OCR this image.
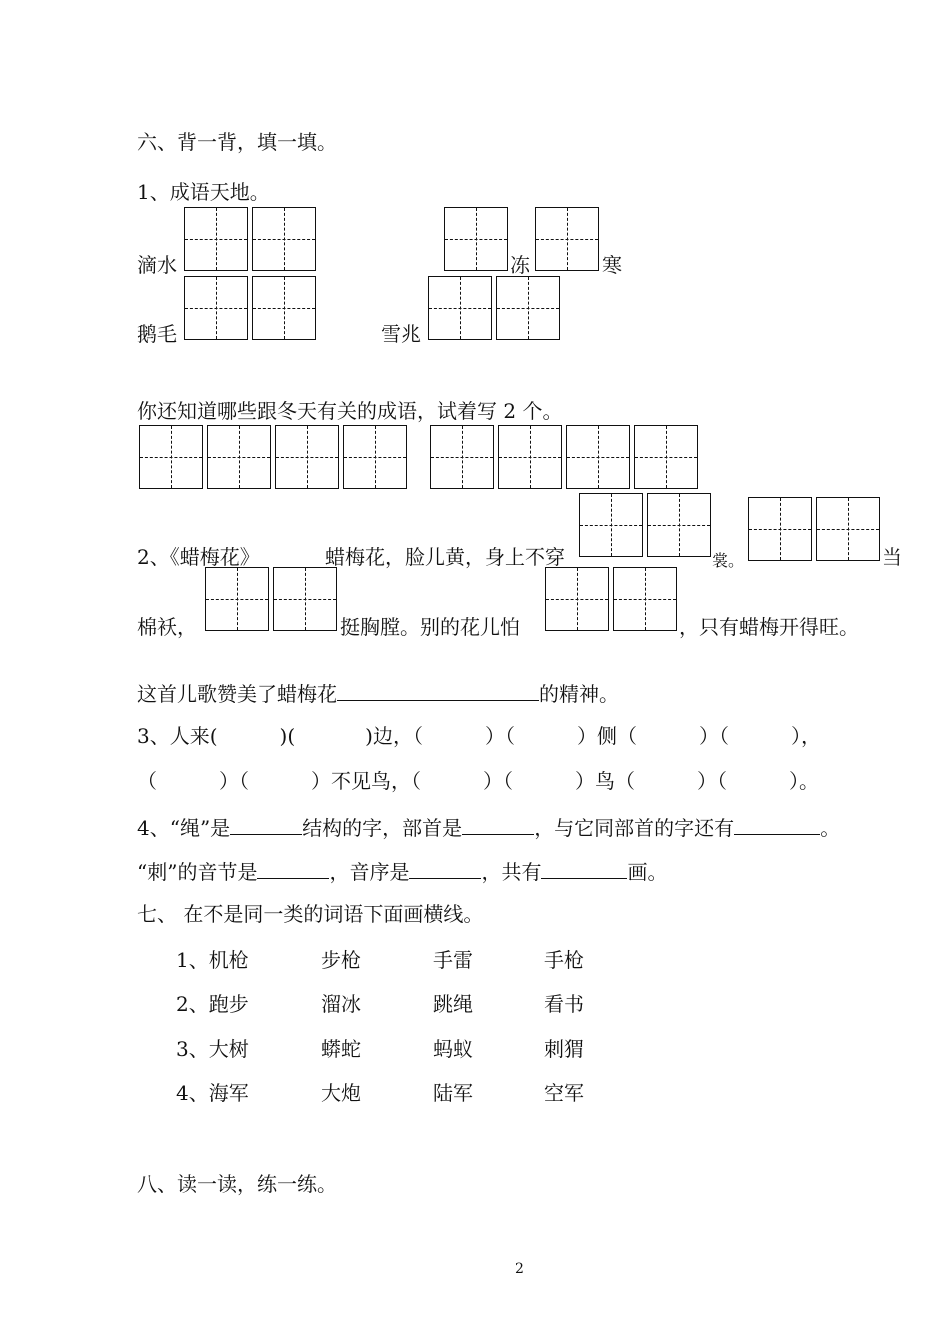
六、背一背，填一填。
1、成语天地。
滴水	冻	寒
鹅毛	雪兆
你还知道哪些跟冬天有关的成语，试着写 2 个。
2、《蜡梅花》	蜡梅花，脸儿黄，身上不穿	裳。	当
棉袄，	挺胸膛。别的花儿怕	，只有蜡梅开得旺。
这首儿歌赞美了蜡梅花	的精神。
3、人来(	)(	)边，（	）（	）侧（	）（	），
（	）（	）不见鸟，（	）（	）鸟（	）（	）。
4、“绳”是	结构的字，部首是	，与它同部首的字还有	。
“刺”的音节是	，音序是	，共有	画。
七、 在不是同一类的词语下面画横线。
1、机枪	步枪	手雷	手枪
2、跑步	溜冰	跳绳	看书
3、大树	蟒蛇	蚂蚁	刺猬
4、海军	大炮	陆军	空军
八、读一读，练一练。
2
